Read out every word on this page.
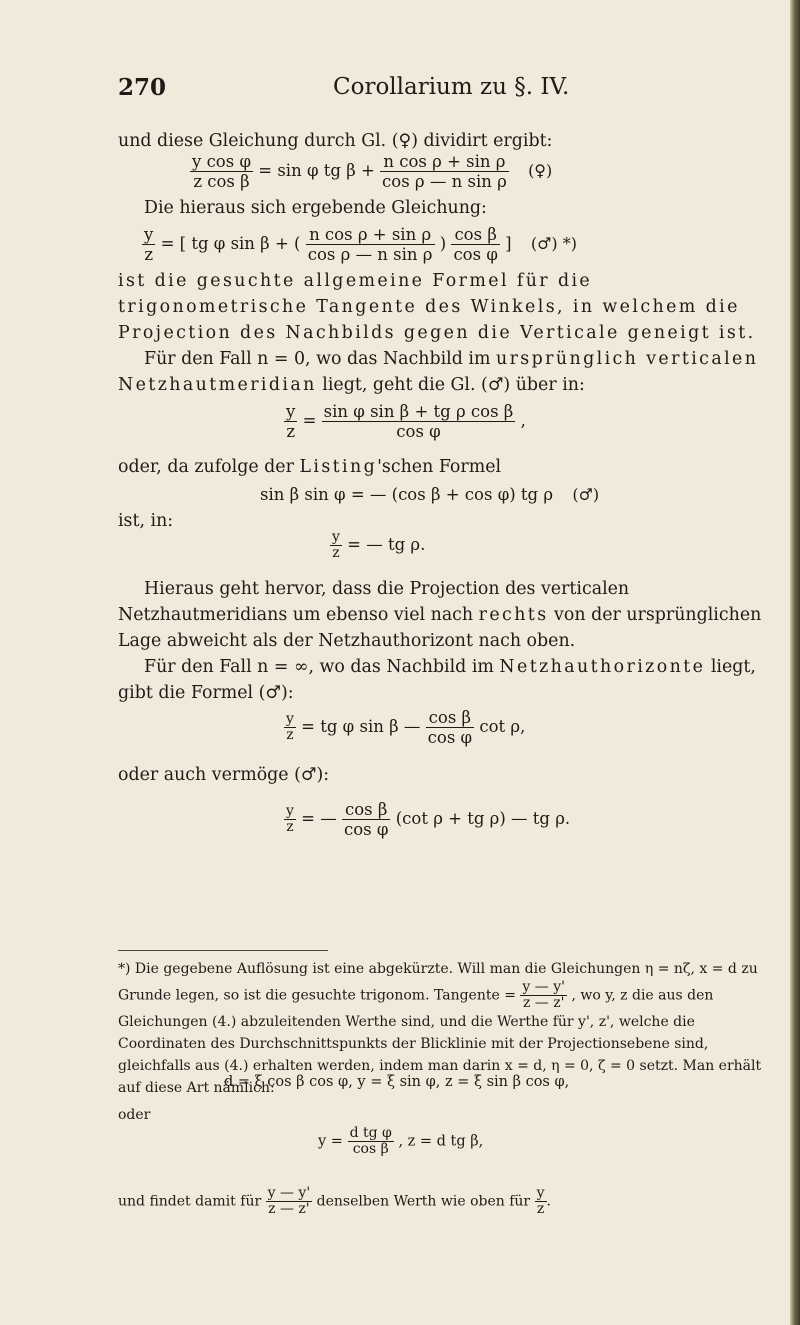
270	Corollarium zu §. IV.
und diese Gleichung durch Gl. (♀) dividirt ergibt:
$\frac{\text{y cos φ}}{\text{z cos β}} = \sin \varphi$ tg $\beta + \frac{\text{n cos ρ + sin ρ}}{\text{cos ρ — n sin ρ}}$ (♀)
Die hieraus sich ergebende Gleichung:
$\frac{y}{z}$ = [ tg φ sin β + ( $\frac{\text{n cos ρ + sin ρ}}{\text{cos ρ — n sin ρ}}$ ) $\frac{\text{cos β}}{\text{cos φ}}$ ] (♂) *)
ist die gesuchte allgemeine Formel für die trigonometrische Tangente des Winkels, in welchem die Projection des Nachbilds gegen die Verticale geneigt ist.
Für den Fall n = 0, wo das Nachbild im ursprünglich verticalen Netzhautmeridian liegt, geht die Gl. (♂) über in:
$\frac{y}{z} = \frac{\text{sin φ sin β + tg ρ cos β}}{\text{cos φ}}$ ,
oder, da zufolge der Listing'schen Formel
sin β sin φ = — (cos β + cos φ) tg ρ (♂)
ist, in:
$\frac{y}{z}$ = — tg ρ.
Hieraus geht hervor, dass die Projection des verticalen Netzhautmeridians um ebenso viel nach rechts von der ursprünglichen Lage abweicht als der Netzhauthorizont nach oben.
Für den Fall n = ∞, wo das Nachbild im Netzhauthorizonte liegt, gibt die Formel (♂):
$\frac{y}{z}$ = tg φ sin β — $\frac{\text{cos β}}{\text{cos φ}}$ cot ρ,
oder auch vermöge (♂):
$\frac{y}{z}$ = — $\frac{\text{cos β}}{\text{cos φ}} (\cot$ ρ + tg ρ) — tg ρ.
*) Die gegebene Auflösung ist eine abgekürzte. Will man die Gleichungen η = nζ, x = d zu Grunde legen, so ist die gesuchte trigonom. Tangente = $\frac{y — y'}{z — z'}$ , wo y, z die aus den Gleichungen (4.) abzuleitenden Werthe sind, und die Werthe für y', z', welche die Coordinaten des Durchschnittspunkts der Blicklinie mit der Projectionsebene sind, gleichfalls aus (4.) erhalten werden, indem man darin x = d, η = 0, ζ = 0 setzt. Man erhält auf diese Art nämlich:
d = ξ cos β cos φ, y = ξ sin φ, z = ξ sin β cos φ,
oder
$y = \frac{\text{d tg φ}}{\text{cos β}}$ , z = d tg β,
und findet damit für $\frac{y — y'}{z — z'}$ denselben Werth wie oben für $\frac{y}{z}$ .
